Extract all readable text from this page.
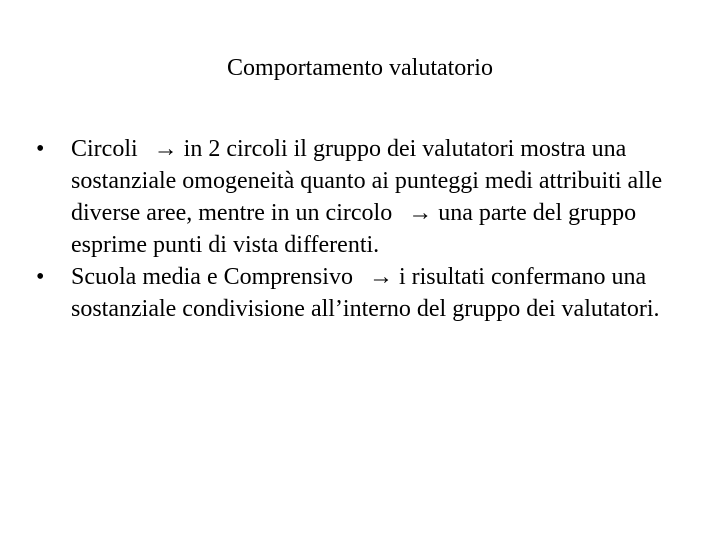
Comportamento valutatorio
• Circoli → in 2 circoli il gruppo dei valutatori mostra una sostanziale omogeneità quanto ai punteggi medi attribuiti alle diverse aree, mentre in un circolo → una parte del gruppo esprime punti di vista differenti.
• Scuola media e Comprensivo → i risultati confermano una sostanziale condivisione all’interno del gruppo dei valutatori.
